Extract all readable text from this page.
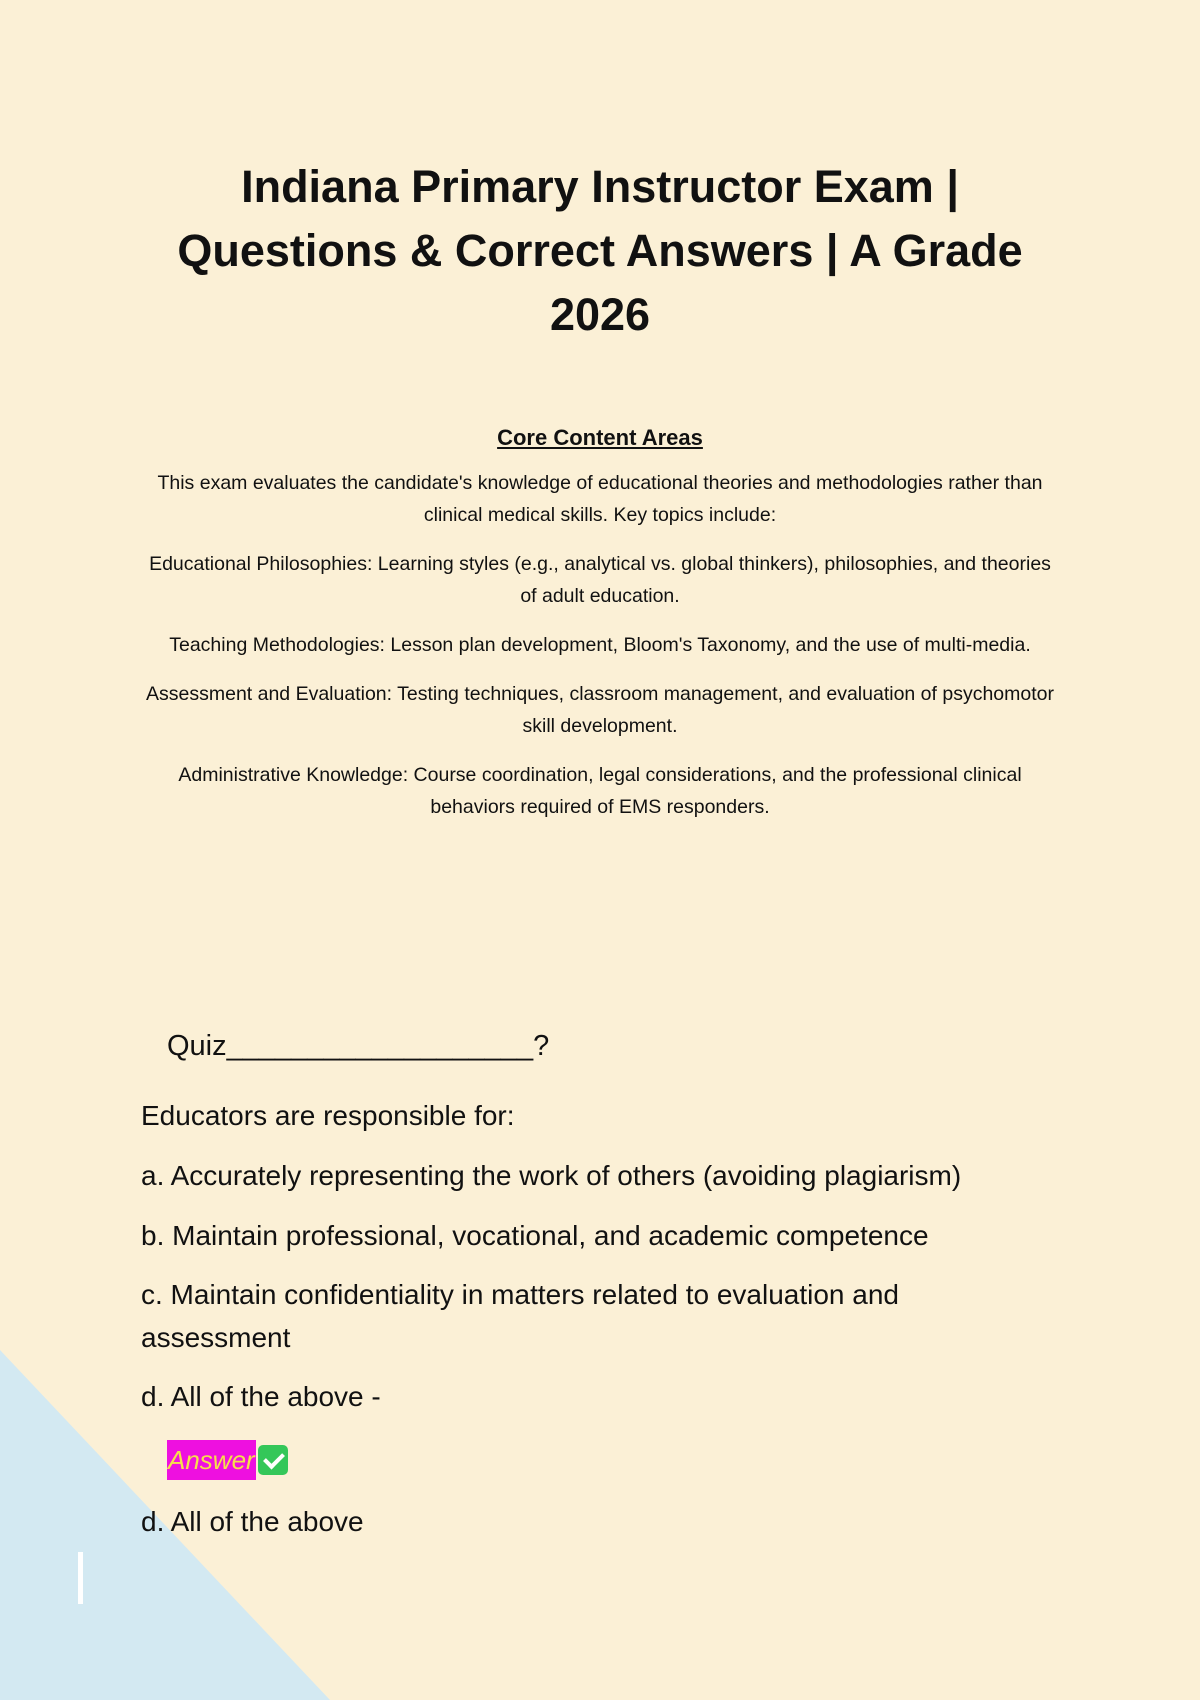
Indiana Primary Instructor Exam | Questions & Correct Answers | A Grade 2026

Core Content Areas

This exam evaluates the candidate's knowledge of educational theories and methodologies rather than clinical medical skills. Key topics include:

Educational Philosophies: Learning styles (e.g., analytical vs. global thinkers), philosophies, and theories of adult education.

Teaching Methodologies: Lesson plan development, Bloom's Taxonomy, and the use of multi-media.

Assessment and Evaluation: Testing techniques, classroom management, and evaluation of psychomotor skill development.

Administrative Knowledge: Course coordination, legal considerations, and the professional clinical behaviors required of EMS responders.

Quiz___________________?

Educators are responsible for:

a. Accurately representing the work of others (avoiding plagiarism)

b. Maintain professional, vocational, and academic competence

c. Maintain confidentiality in matters related to evaluation and assessment

d. All of the above -

Answer
d. All of the above
